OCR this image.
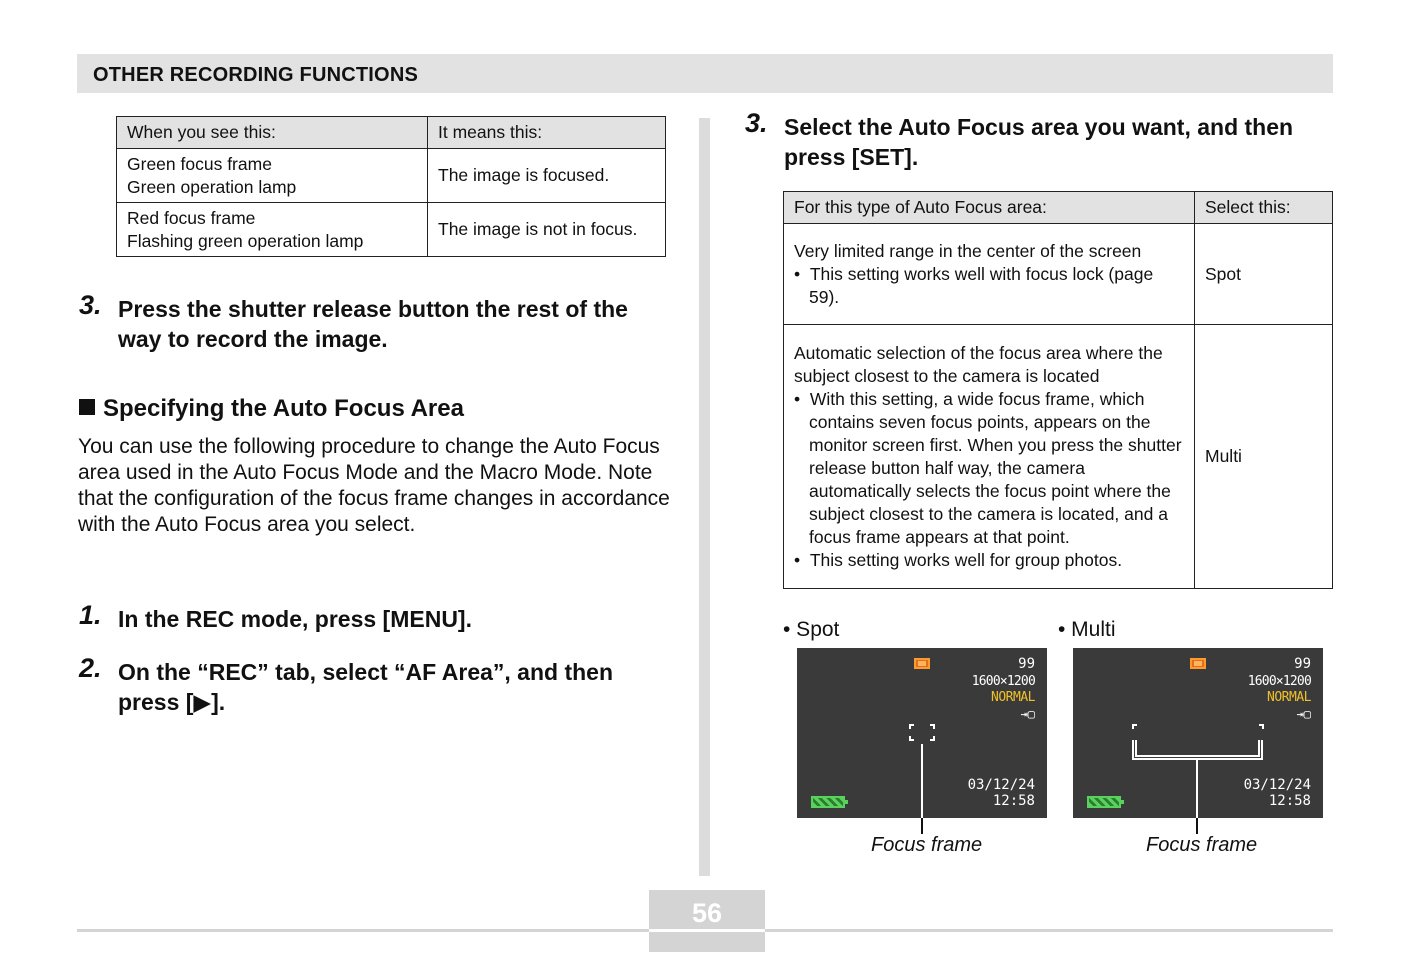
OTHER RECORDING FUNCTIONS
When you see this:	It means this:

Green focus frame
Green operation lamp	The image is focused.

Red focus frame
Flashing green operation lamp	The image is not in focus.
3. Press the shutter release button the rest of the way to record the image.
Specifying the Auto Focus Area

You can use the following procedure to change the Auto Focus area used in the Auto Focus Mode and the Macro Mode. Note that the configuration of the focus frame changes in accordance with the Auto Focus area you select.

1. In the REC mode, press [MENU].
2. On the “REC” tab, select “AF Area”, and then press [▶].
3. Select the Auto Focus area you want, and then press [SET].
For this type of Auto Focus area:	Select this:

Very limited range in the center of the screen
•  This setting works well with focus lock (page 59).	Spot

Automatic selection of the focus area where the subject closest to the camera is located
•  With this setting, a wide focus frame, which contains seven focus points, appears on the monitor screen first. When you press the shutter release button half way, the camera automatically selects the focus point where the subject closest to the camera is located, and a focus frame appears at that point.
•  This setting works well for group photos.	Multi
• Spot
99
1600×1200
NORMAL
⇥▢
03/12/24
12:58
Focus frame
• Multi
99
1600×1200
NORMAL
⇥▢
03/12/24
12:58
Focus frame
56
